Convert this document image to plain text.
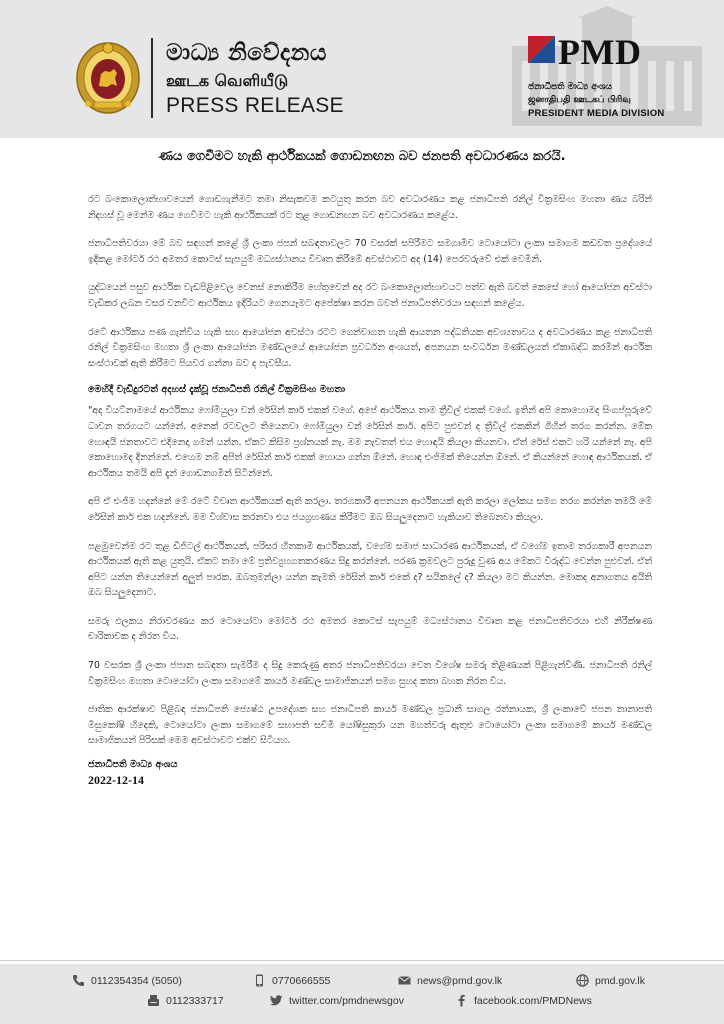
මාධ්‍ය නිවේදනය
ஊடக வெளியீடு
PRESS RELEASE
PMD
ජනාධිපති මාධ්‍ය අංශය
ஜனாதிபதி ஊடகப் பிரிவு
PRESIDENT MEDIA DIVISION
ණය ගෙවීමට හැකි ආර්ථිකයක් ගොඩනඟන බව ජනපති අවධාරණය කරයි.

රට බංකොලොත්භාවයෙන් ගොඩගැනීමට තමා නිසැකවම කටයුතු කරන බව අවධාරණය කළ ජනාධිපති රනිල් වික්‍රමසිංහ මහතා ණය බරින් නිදහස් වූ මෙන්ම ණය ගෙවීමට හැකි ආර්ථිකයක් රට තුළ ගොඩනඟන බව අවධාරණය කළේය.

ජනාධිපතිවරයා මේ බව සඳහන් කළේ ශ්‍රී ලංකා ජපන් සබඳතාවලට 70 වසරක් සපිරීමට සමගාමීව ටොයෝටා ලංකා සමාගම කඩවත ප්‍රදේශයේ ඉදිකළ මෝටර් රථ අමතර කොටස් සැපයුම් මධ්‍යස්ථානය විවෘත කිරීමේ අවස්ථාවට අද (14) පෙරවරුවේ එක් වෙමිනි.

යුද්ධයෙන් පසුව ආර්ථික වැඩපිළිවෙල වෙනස් නොකිරීම හේතුවෙන් අද රට බංකොලොත්භාවයට පත්ව ඇති බවත් කෙසේ හෝ ආයෝජන අවස්ථා වැඩිකර ලබන වසර වනවිට ආර්ථිකය ඉදිරියට ගෙනයෑමට අපේක්ෂා කරන බවත් ජනාධිපතිවරයා සඳහන් කළේය.

රටේ ආර්ථිකය පණ ගැන්විය හැකි සහ ආයෝජන අවස්ථා රටට ගෙන්වාගත හැකි ආයතන පද්ධතියක අවශ්‍යතාවය ද අවධාරණය කළ ජනාධිපති රනිල් වික්‍රමසිංහ මහතා ශ්‍රී ලංකා ආයෝජන මණ්ඩලයේ ආයෝජන ප්‍රවර්ධන අංශයත්, අපනයන සංවර්ධන මණ්ඩලයත් ඒකාබද්ධ කරමින් ආර්ථික සංස්ථාවක් ඇති කිරීමට පියවර ගන්නා බව ද පැවසීය.

මෙහිදී වැඩිදුරටත් අදහස් දැක්වූ ජනාධිපති රනිල් වික්‍රමසිංහ මහතා

"අද වියට්නාමයේ ආර්ථිකය ෆෝමියුලා වන් රේසින් කාර් එකක් වගේ. අපේ ආර්ථිකය තාම ත්‍රීවීල් එකක් වගේ. ඉතින් අපි කොහොමද සිංගප්පූරුවේ ධාවන තරගයට යන්නේ. අනෙක් රටවලට තියෙනවා ෆෝමියුලා වන් රේසින් කාර්. අපිට පුළුවන් ද ත්‍රීවීල් එකකින් ගිහින් තරග කරන්න. මේක හොඳයි ජනතාවට එදිනෙදා ගමන් යන්න. ඒකට කිසිම ප්‍රශ්නයක් නැ. මම නැවතත් එය හොඳයි කියලා කියනවා. ඒත් රේස් එකට හරි යන්නේ නෑ. අපි කොහොමද දිනන්නේ. එහෙම නම් අපිත් රේසින් කාර් එකක් හොයා ගන්න ඕනේ. හොඳ එංජිමක් තියෙන්න ඕනේ. ඒ කියන්නේ හොඳ ආර්ථිකයක්. ඒ ආර්ථිකය තමයි අපි දැන් ගොඩනගමින් සිටින්නේ.

අපි ඒ එංජිම හදන්නේ මේ රටේ විවෘත ආර්ථිකයක් ඇති කරලා. තරගකාරී අපනයන ආර්ථිකයක් ඇති කරලා ලෝකය සමග තරග කරන්න තමයි මේ රේසින් කාර් එක හදන්නේ. මම විශ්වාස කරනවා එය ජයග්‍රහණය කිරීමට ඔබ සියලුදෙනාට හැකියාව තිබෙනවා කියලා.

පළමුවෙන්ම රට තුළ ඩිජිටල් ආර්ථිකයක්, පරිසර හිතකාමී ආර්ථිකයක්, වගේම සමාජ සාධාරණ ආර්ථිකයක්, ඒ වගේම ඉතාම තරගකාරී අපනයන ආර්ථිකයක් ඇති කළ යුතුයි. ඒකට තමා මේ ප්‍රතිව්‍යුහගතකරණය සිදු කරන්නේ. පරණ ක්‍රමවලට පුරුදු වුණ අය මේකට විරුද්ධ වෙන්න පුළුවන්. ඒත් අපිට යන්න තියෙන්නේ අලුත් පාරක. ඔබතුමන්ලා යන්න කැමති රේසින් කාර් එකේ ද? සයිකලේ ද? කියලා මට කියන්න. මොකද අනාගතය අයිති ඔබ සියලුදෙනාට.

සමරු ඵලකය නිරාවරණය කර ටොයෝටා මෝටර් රථ අමතර කොටස් සැපයුම් මධ්‍යස්ථානය විවෘත කළ ජනාධිපතිවරයා එහි නිරීක්ෂණ චාරිකාවක ද නිරත විය.

70 වසරක ශ්‍රී ලංකා ජපාන සබඳතා සැමරීම ද සිදු කෙරුණු අතර ජනාධිපතිවරයා වෙත විශේෂ සමරු තිළිණයක් පිළිගැන්විණි. ජනාධිපති රනිල් වික්‍රමසිංහ මහතා ටොයෝටා ලංකා සමාගමේ කාර්ය මණ්ඩල සාමාජිකයන් සමග සුහද කතා බහක නිරත විය.

ජාතික ආරක්ෂාව පිළිබඳ ජනාධිපති ජ්‍යෙෂ්ඨ උපදේශක සහ ජනාධිපති කාර්ය මණ්ඩල ප්‍රධානී සාගල රත්නායක, ශ්‍රී ලංකාවේ ජපන තානාපති මිසුකෝෂි හිදෙකි, ටොයෝටා ලංකා සමාගමේ සභාපති සචිමි යෝෂිසුකුරා යන මහත්වරු ඇතුළු ටොයෝටා ලංකා සමාගමේ කාර්ය මණ්ඩල සාමාජිකයන් පිරිසක් මෙම අවස්ථාවට එක්ව සිටියහ.

ජනාධිපති මාධ්‍ය අංශය

2022-12-14

0112354354 (5050)	0770666555	news@pmd.gov.lk	pmd.gov.lk
0112333717	twitter.com/pmdnewsgov	facebook.com/PMDNews
